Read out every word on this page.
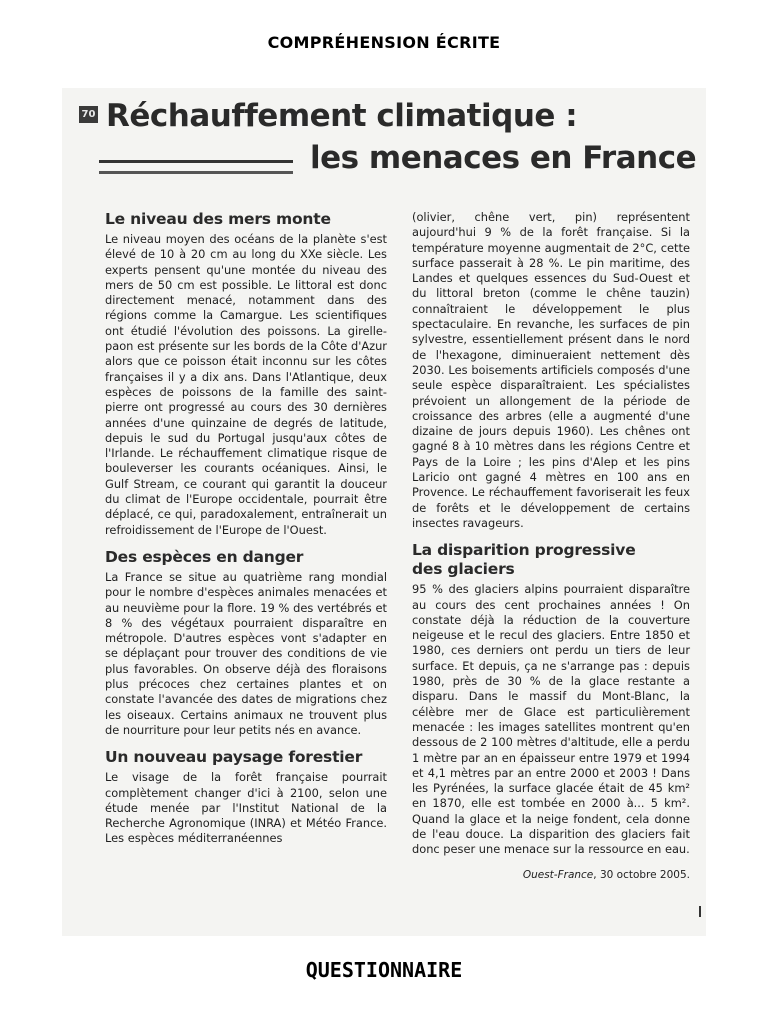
COMPRÉHENSION ÉCRITE
70 Réchauffement climatique :
les menaces en France
Le niveau des mers monte

Le niveau moyen des océans de la planète s'est élevé de 10 à 20 cm au long du XXe siècle. Les experts pensent qu'une montée du niveau des mers de 50 cm est possible. Le littoral est donc directement menacé, notamment dans des régions comme la Camargue. Les scientifiques ont étudié l'évolution des poissons. La girelle-paon est présente sur les bords de la Côte d'Azur alors que ce poisson était inconnu sur les côtes françaises il y a dix ans. Dans l'Atlantique, deux espèces de poissons de la famille des saint-pierre ont progressé au cours des 30 dernières années d'une quinzaine de degrés de latitude, depuis le sud du Portugal jusqu'aux côtes de l'Irlande. Le réchauffement climatique risque de bouleverser les courants océaniques. Ainsi, le Gulf Stream, ce courant qui garantit la douceur du climat de l'Europe occidentale, pourrait être déplacé, ce qui, paradoxalement, entraînerait un refroidissement de l'Europe de l'Ouest.

Des espèces en danger

La France se situe au quatrième rang mondial pour le nombre d'espèces animales menacées et au neuvième pour la flore. 19 % des vertébrés et 8 % des végétaux pourraient disparaître en métropole. D'autres espèces vont s'adapter en se déplaçant pour trouver des conditions de vie plus favorables. On observe déjà des floraisons plus précoces chez certaines plantes et on constate l'avancée des dates de migrations chez les oiseaux. Certains animaux ne trouvent plus de nourriture pour leur petits nés en avance.

Un nouveau paysage forestier

Le visage de la forêt française pourrait complètement changer d'ici à 2100, selon une étude menée par l'Institut National de la Recherche Agronomique (INRA) et Météo France. Les espèces méditerranéennes

(olivier, chêne vert, pin) représentent aujourd'hui 9 % de la forêt française. Si la température moyenne augmentait de 2°C, cette surface passerait à 28 %. Le pin maritime, des Landes et quelques essences du Sud-Ouest et du littoral breton (comme le chêne tauzin) connaîtraient le développement le plus spectaculaire. En revanche, les surfaces de pin sylvestre, essentiellement présent dans le nord de l'hexagone, diminueraient nettement dès 2030. Les boisements artificiels composés d'une seule espèce disparaîtraient. Les spécialistes prévoient un allongement de la période de croissance des arbres (elle a augmenté d'une dizaine de jours depuis 1960). Les chênes ont gagné 8 à 10 mètres dans les régions Centre et Pays de la Loire ; les pins d'Alep et les pins Laricio ont gagné 4 mètres en 100 ans en Provence. Le réchauffement favoriserait les feux de forêts et le développement de certains insectes ravageurs.

La disparition progressive
des glaciers

95 % des glaciers alpins pourraient disparaître au cours des cent prochaines années ! On constate déjà la réduction de la couverture neigeuse et le recul des glaciers. Entre 1850 et 1980, ces derniers ont perdu un tiers de leur surface. Et depuis, ça ne s'arrange pas : depuis 1980, près de 30 % de la glace restante a disparu. Dans le massif du Mont-Blanc, la célèbre mer de Glace est particulièrement menacée : les images satellites montrent qu'en dessous de 2 100 mètres d'altitude, elle a perdu 1 mètre par an en épaisseur entre 1979 et 1994 et 4,1 mètres par an entre 2000 et 2003 ! Dans les Pyrénées, la surface glacée était de 45 km² en 1870, elle est tombée en 2000 à... 5 km². Quand la glace et la neige fondent, cela donne de l'eau douce. La disparition des glaciers fait donc peser une menace sur la ressource en eau.

Ouest-France, 30 octobre 2005.
QUESTIONNAIRE
